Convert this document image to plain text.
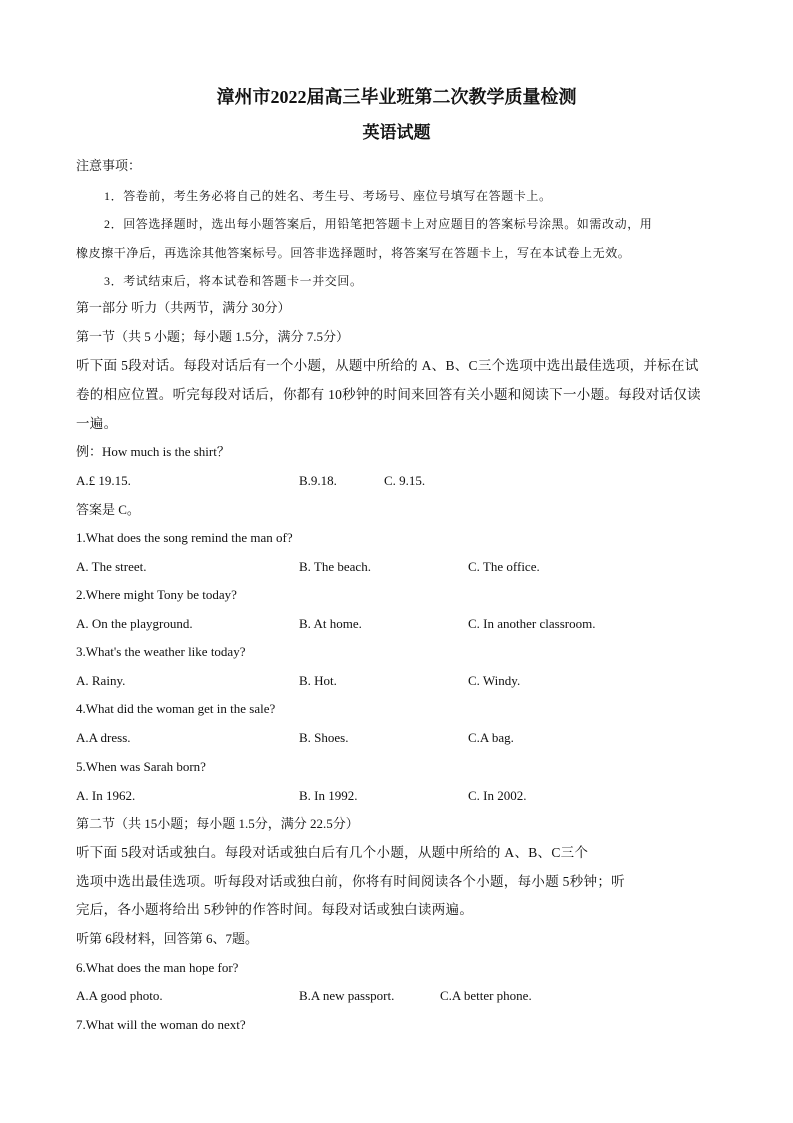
漳州市2022届高三毕业班第二次教学质量检测
英语试题
注意事项：
1．答卷前，考生务必将自己的姓名、考生号、考场号、座位号填写在答题卡上。
2．回答选择题时，选出每小题答案后，用铅笔把答题卡上对应题目的答案标号涂黑。如需改动，用
橡皮擦干净后，再选涂其他答案标号。回答非选择题时，将答案写在答题卡上，写在本试卷上无效。
3．考试结束后，将本试卷和答题卡一并交回。
第一部分 听力（共两节，满分 30分）
第一节（共 5 小题；每小题 1.5分，满分 7.5分）
听下面 5段对话。每段对话后有一个小题，从题中所给的 A、B、C三个选项中选出最佳选项，并标在试
卷的相应位置。听完每段对话后，你都有 10秒钟的时间来回答有关小题和阅读下一小题。每段对话仅读
一遍。
例：How much is the shirt？
A.£ 19.15.	B.9.18.	C. 9.15.
答案是 C。
1.What does the song remind the man of?
A. The street.	B. The beach.	C. The office.
2.Where might Tony be today?
A. On the playground.	B. At home.	C. In another classroom.
3.What's the weather like today?
A. Rainy.	B. Hot.	C. Windy.
4.What did the woman get in the sale?
A.A dress.	B. Shoes.	C.A bag.
5.When was Sarah born?
A. In 1962.	B. In 1992.	C. In 2002.
第二节（共 15小题；每小题 1.5分，满分 22.5分）
听下面 5段对话或独白。每段对话或独白后有几个小题，从题中所给的 A、B、C三个
选项中选出最佳选项。听每段对话或独白前，你将有时间阅读各个小题，每小题 5秒钟；听
完后，各小题将给出 5秒钟的作答时间。每段对话或独白读两遍。
听第 6段材料，回答第 6、7题。
6.What does the man hope for?
A.A good photo.	B.A new passport.	C.A better phone.
7.What will the woman do next?
